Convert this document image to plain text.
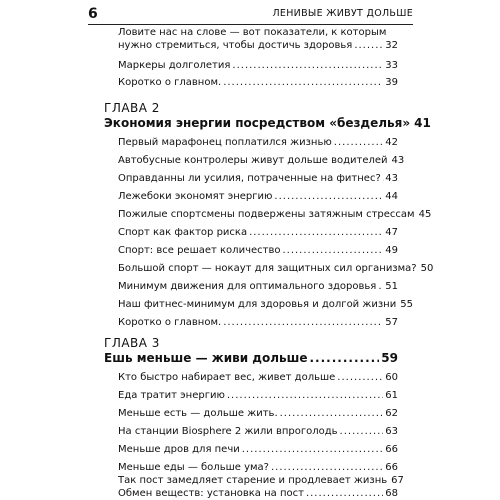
6	ЛЕНИВЫЕ ЖИВУТ ДОЛЬШЕ
Ловите нас на слове — вот показатели, к которым
нужно стремиться, чтобы достичь здоровья .....	32
Маркеры долголетия .....	33
Коротко о главном. .....	39
ГЛАВА 2
Экономия энергии посредством «безделья» 41
Первый марафонец поплатился жизнью .....	42
Автобусные контролеры живут дольше водителей 43
Оправданны ли усилия, потраченные на фитнес? ..... 43
Лежебоки экономят энергию .....	44
Пожилые спортсмены подвержены затяжным стрессам 45
Спорт как фактор риска .....	47
Спорт: все решает количество .....	49
Большой спорт — нокаут для защитных сил организма? 50
Минимум движения для оптимального здоровья ..... 51
Наш фитнес-минимум для здоровья и долгой жизни 55
Коротко о главном. .....	57
ГЛАВА 3
Ешь меньше — живи дольше .....	59
Кто быстро набирает вес, живет дольше .....	60
Еда тратит энергию .....	61
Меньше есть — дольше жить. .....	62
На станции Biosphere 2 жили впроголодь .....	63
Меньше дров для печи .....	66
Меньше еды — больше ума? .....	66
Так пост замедляет старение и продлевает жизнь 67
Обмен веществ: установка на пост .....	68
